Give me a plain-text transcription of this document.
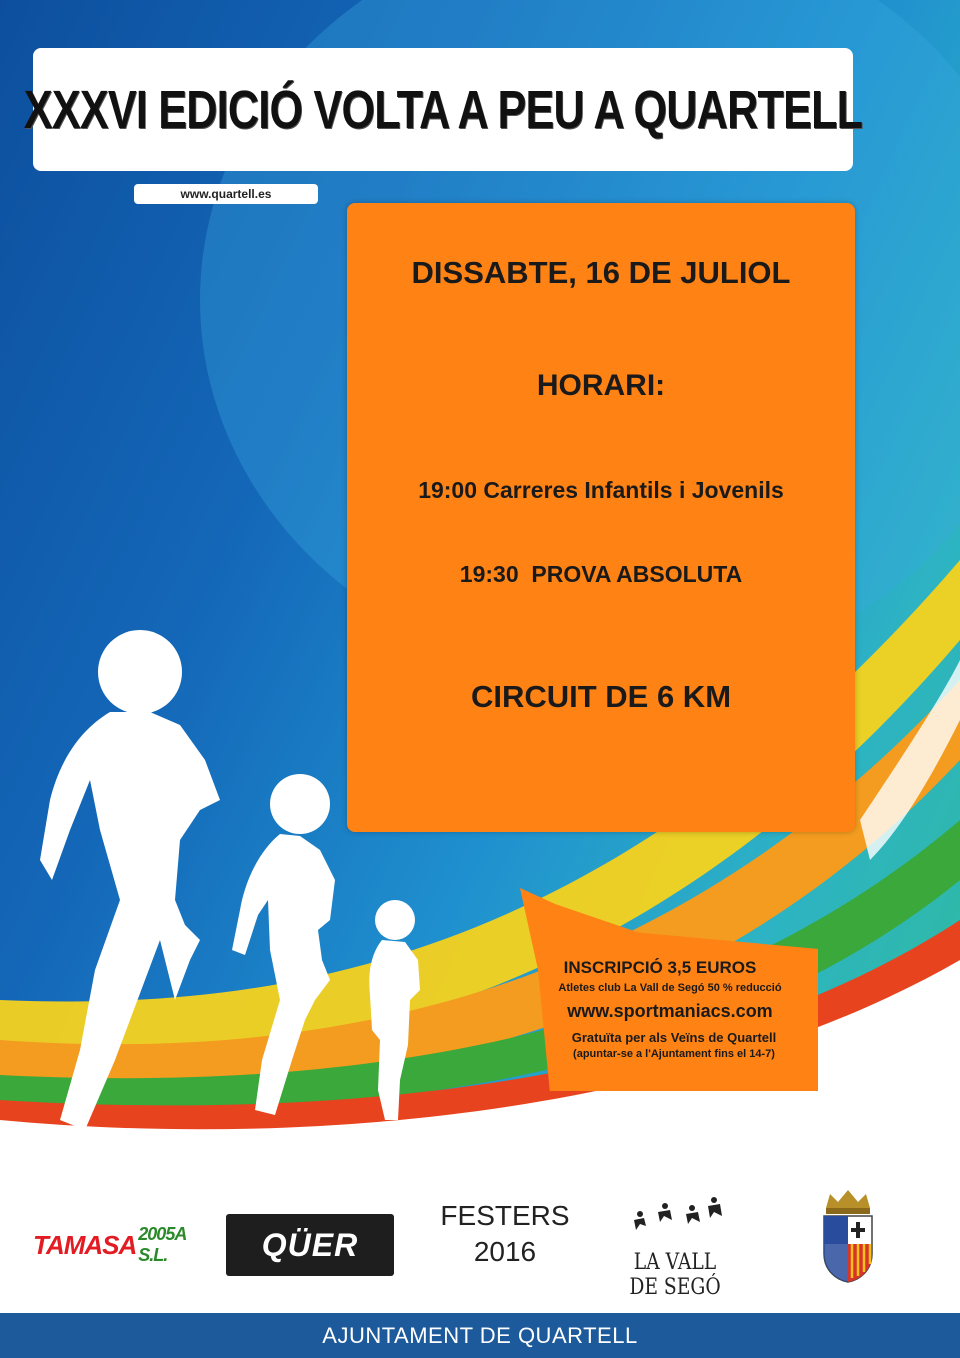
XXXVI EDICIÓ VOLTA A PEU A QUARTELL
www.quartell.es
DISSABTE, 16 DE JULIOL
HORARI:
19:00 Carreres Infantils i Jovenils
19:30  PROVA ABSOLUTA
CIRCUIT DE 6 KM
INSCRIPCIÓ 3,5 EUROS
Atletes club La Vall de Segó 50 % reducció
www.sportmaniacs.com
Gratuïta per als Veïns de Quartell
(apuntar-se a l'Ajuntament fins el 14-7)
TAMASA 2005A S.L.	QÜER
FESTERS
2016	LA VALL DE SEGÓ
AJUNTAMENT DE QUARTELL
